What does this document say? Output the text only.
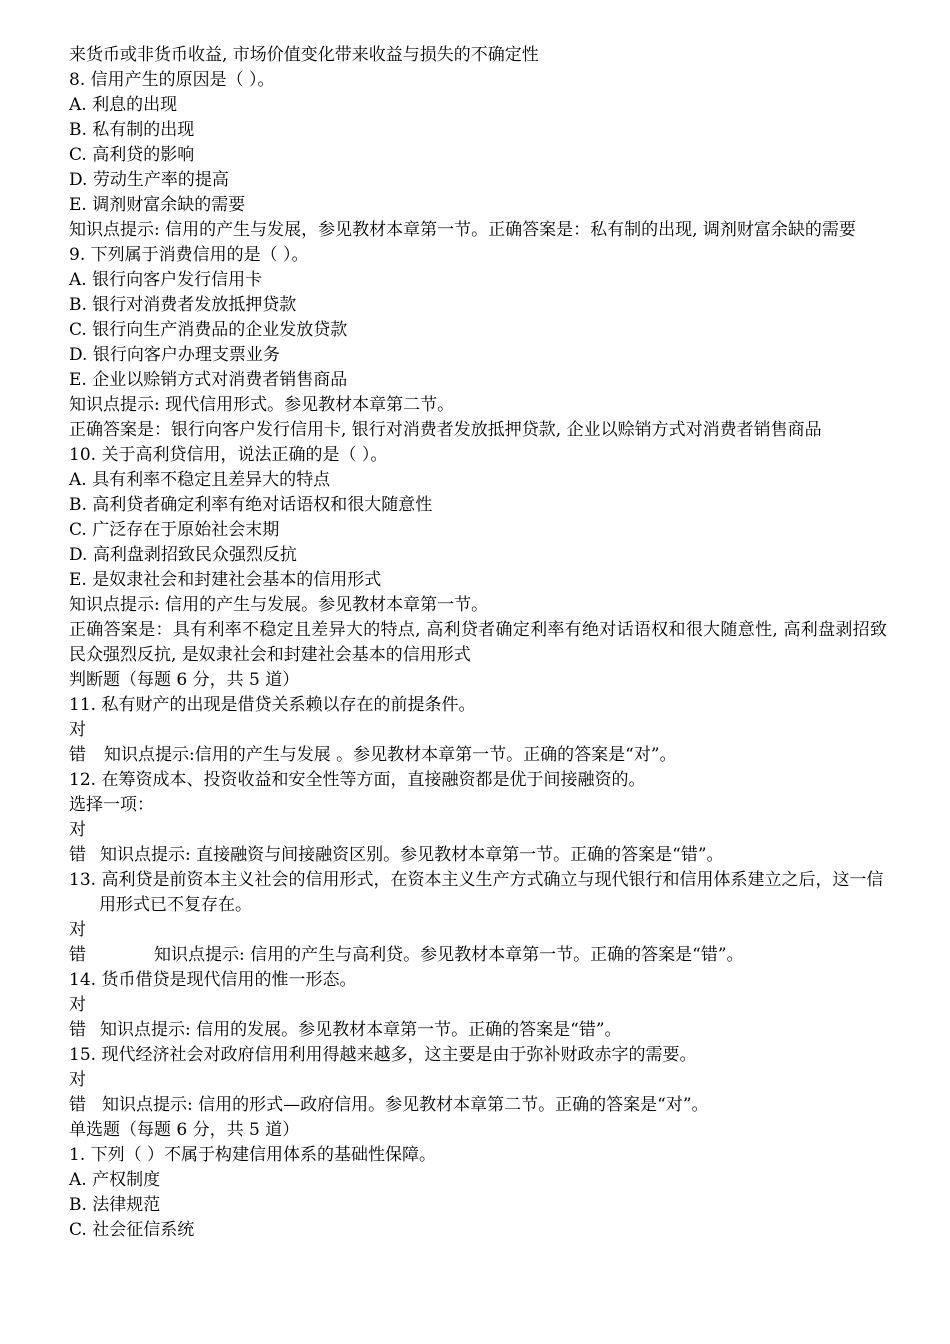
来货币或非货币收益, 市场价值变化带来收益与损失的不确定性
8. 信用产生的原因是（ ）。
A. 利息的出现
B. 私有制的出现
C. 高利贷的影响
D. 劳动生产率的提高
E. 调剂财富余缺的需要
知识点提示: 信用的产生与发展，参见教材本章第一节。正确答案是：私有制的出现, 调剂财富余缺的需要
9. 下列属于消费信用的是（ ）。
A. 银行向客户发行信用卡
B. 银行对消费者发放抵押贷款
C. 银行向生产消费品的企业发放贷款
D. 银行向客户办理支票业务
E. 企业以赊销方式对消费者销售商品
知识点提示: 现代信用形式。参见教材本章第二节。
正确答案是：银行向客户发行信用卡, 银行对消费者发放抵押贷款, 企业以赊销方式对消费者销售商品
10. 关于高利贷信用，说法正确的是（ ）。
A. 具有利率不稳定且差异大的特点
B. 高利贷者确定利率有绝对话语权和很大随意性
C. 广泛存在于原始社会末期
D. 高利盘剥招致民众强烈反抗
E. 是奴隶社会和封建社会基本的信用形式
知识点提示: 信用的产生与发展。参见教材本章第一节。
正确答案是：具有利率不稳定且差异大的特点, 高利贷者确定利率有绝对话语权和很大随意性, 高利盘剥招致民众强烈反抗, 是奴隶社会和封建社会基本的信用形式
判断题（每题 6 分，共 5 道）
11. 私有财产的出现是借贷关系赖以存在的前提条件。
对
错 知识点提示:信用的产生与发展 。参见教材本章第一节。正确的答案是“对”。
12. 在筹资成本、投资收益和安全性等方面，直接融资都是优于间接融资的。
选择一项：
对
错 知识点提示: 直接融资与间接融资区别。参见教材本章第一节。正确的答案是“错”。
13. 高利贷是前资本主义社会的信用形式，在资本主义生产方式确立与现代银行和信用体系建立之后，这一信用形式已不复存在。
对
错	知识点提示: 信用的产生与高利贷。参见教材本章第一节。正确的答案是“错”。
14. 货币借贷是现代信用的惟一形态。
对
错 知识点提示: 信用的发展。参见教材本章第一节。正确的答案是“错”。
15. 现代经济社会对政府信用利用得越来越多，这主要是由于弥补财政赤字的需要。
对
错 知识点提示: 信用的形式—政府信用。参见教材本章第二节。正确的答案是“对”。
单选题（每题 6 分，共 5 道）
1. 下列（ ）不属于构建信用体系的基础性保障。
A. 产权制度
B. 法律规范
C. 社会征信系统
